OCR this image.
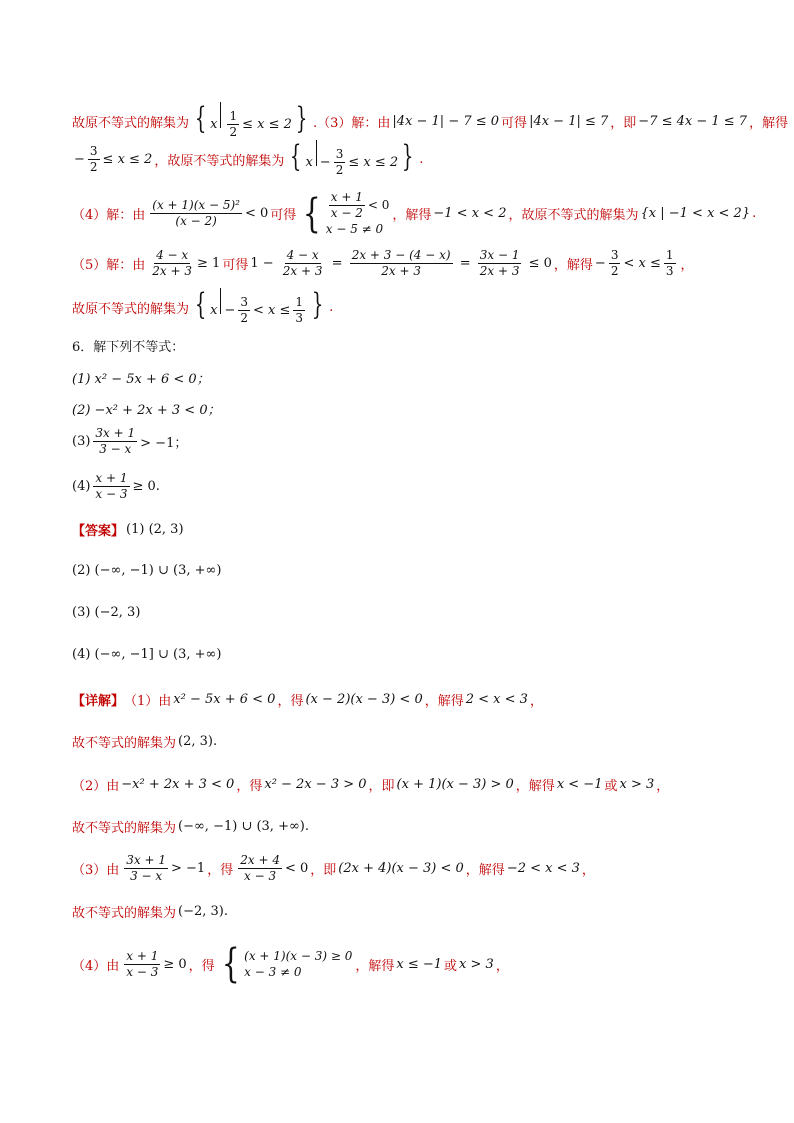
故原不等式的解集为 { x $\frac{1}{2} \le x \le 2$ } .（3）解：由 |4x − 1| − 7 ≤ 0 可得 |4x − 1| ≤ 7 ，即 −7 ≤ 4x − 1 ≤ 7 ，解得
− $\frac{3}{2} \le x \le 2$ ，故原不等式的解集为 { $x - \frac{3}{2} \le x \le 2$ } .
（4）解：由 $\frac{\text{(x + 1)(x − 5)²}}{(x - 2)} < 0$ 可得 { $\frac{x + 1}{x - 2} < 0$
x − 5 ≠ 0
，解得 −1 < x < 2 ，故原不等式的解集为 {x | −1 < x < 2} .
（5）解：由 $\frac{4 - x}{2x + 3} \ge 1$ 可得 $1 - \frac{4 - x}{2x + 3} = \frac{2x + 3 - (4 - x)}{2x + 3} = \frac{3x - 1}{2x + 3} \le 0$ ，解得 − $\frac{3}{2} < x \le \frac{1}{3}$ ，
故原不等式的解集为 { $x - \frac{3}{2} < x \le \frac{1}{3}$ } .
6．解下列不等式：
(1) x² − 5x + 6 < 0；
(2) −x² + 2x + 3 < 0；
$(3) \frac{3x + 1}{3 - x} > -1$；
$(4) \frac{x + 1}{x - 3} \ge 0$.
【答案】 (1) (2, 3)
(2) (−∞, −1) ∪ (3, +∞)
(3) (−2, 3)
(4) (−∞, −1] ∪ (3, +∞)
【详解】 （1）由 x² − 5x + 6 < 0 ，得 (x − 2)(x − 3) < 0 ，解得 2 < x < 3 ，
故不等式的解集为 (2, 3).
（2）由 −x² + 2x + 3 < 0 ，得 x² − 2x − 3 > 0 ，即 (x + 1)(x − 3) > 0 ，解得 x < −1 或 x > 3 ，
故不等式的解集为 (−∞, −1) ∪ (3, +∞).
（3）由 $\frac{3x + 1}{3 - x} > -1$ ，得 $\frac{2x + 4}{x - 3} < 0$ ，即 (2x + 4)(x − 3) < 0 ，解得 −2 < x < 3 ，
故不等式的解集为 (−2, 3).
（4）由 $\frac{x + 1}{x - 3} \ge 0$ ，得 { (x + 1)(x − 3) ≥ 0
x − 3 ≠ 0	，解得 x ≤ −1 或 x > 3 ，
